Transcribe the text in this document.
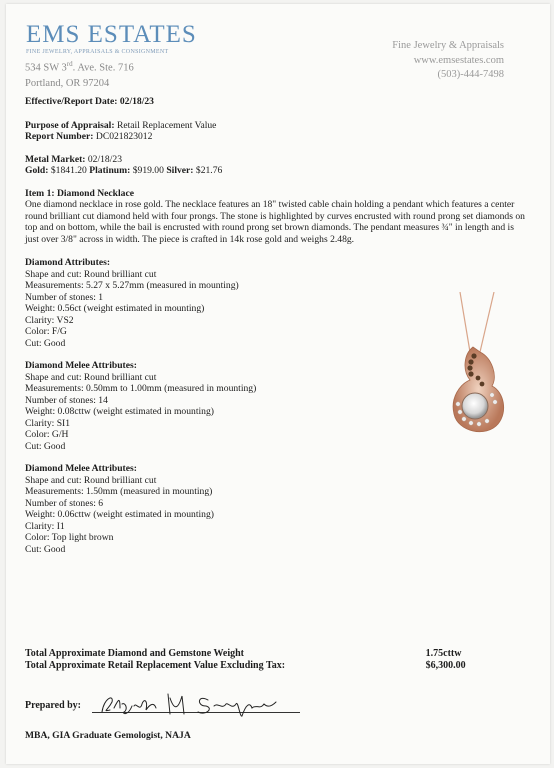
EMS ESTATES
FINE JEWELRY, APPRAISALS & CONSIGNMENT
534 SW 3rd. Ave. Ste. 716
Portland, OR 97204
Fine Jewelry & Appraisals
www.emsestates.com
(503)-444-7498
Effective/Report Date: 02/18/23
Purpose of Appraisal: Retail Replacement Value
Report Number: DC021823012
Metal Market: 02/18/23
Gold: $1841.20 Platinum: $919.00 Silver: $21.76
Item 1: Diamond Necklace
One diamond necklace in rose gold. The necklace features an 18" twisted cable chain holding a pendant which features a center round brilliant cut diamond held with four prongs. The stone is highlighted by curves encrusted with round prong set diamonds on top and on bottom, while the bail is encrusted with round prong set brown diamonds. The pendant measures ¾" in length and is just over 3/8" across in width. The piece is crafted in 14k rose gold and weighs 2.48g.
Diamond Attributes:
Shape and cut: Round brilliant cut
Measurements: 5.27 x 5.27mm (measured in mounting)
Number of stones: 1
Weight: 0.56ct (weight estimated in mounting)
Clarity: VS2
Color: F/G
Cut: Good
Diamond Melee Attributes:
Shape and cut: Round brilliant cut
Measurements: 0.50mm to 1.00mm (measured in mounting)
Number of stones: 14
Weight: 0.08cttw (weight estimated in mounting)
Clarity: SI1
Color: G/H
Cut: Good
Diamond Melee Attributes:
Shape and cut: Round brilliant cut
Measurements: 1.50mm (measured in mounting)
Number of stones: 6
Weight: 0.06cttw (weight estimated in mounting)
Clarity: I1
Color: Top light brown
Cut: Good
Total Approximate Diamond and Gemstone Weight	1.75cttw
Total Approximate Retail Replacement Value Excluding Tax:	$6,300.00
Prepared by:
MBA, GIA Graduate Gemologist, NAJA
